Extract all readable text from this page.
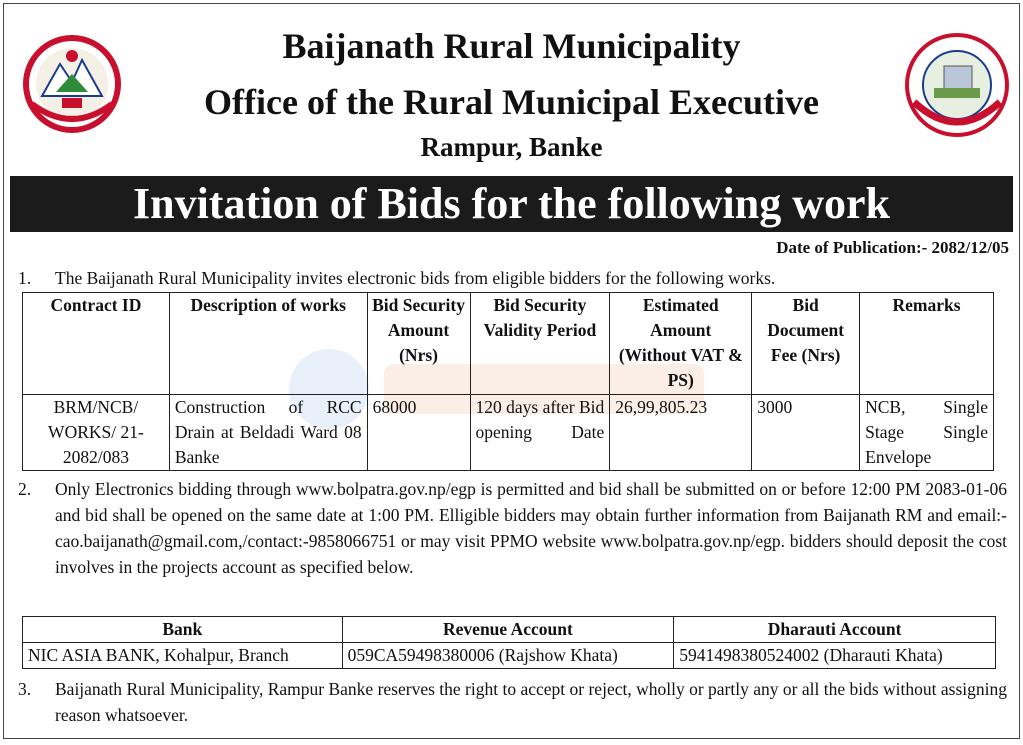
Baijanath Rural Municipality
Office of the Rural Municipal Executive
Rampur, Banke
Invitation of Bids for the following work
Date of Publication:- 2082/12/05
1. The Baijanath Rural Municipality invites electronic bids from eligible bidders for the following works.
Contract ID	Description of works	Bid Security Amount (Nrs)	Bid Security Validity Period	Estimated Amount (Without VAT & PS)	Bid Document Fee (Nrs)	Remarks
BRM/NCB/ WORKS/ 21-2082/083	Construction of RCC Drain at Beldadi Ward 08 Banke	68000	120 days after Bid opening Date	26,99,805.23	3000	NCB, Single Stage Single Envelope
2. Only Electronics bidding through www.bolpatra.gov.np/egp is permitted and bid shall be submitted on or before 12:00 PM 2083-01-06 and bid shall be opened on the same date at 1:00 PM. Elligible bidders may obtain further information from Baijanath RM and email:- cao.baijanath@gmail.com,/contact:-9858066751 or may visit PPMO website www.bolpatra.gov.np/egp. bidders should deposit the cost involves in the projects account as specified below.
Bank	Revenue Account	Dharauti Account
NIC ASIA BANK, Kohalpur, Branch	059CA59498380006 (Rajshow Khata)	5941498380524002 (Dharauti Khata)
3. Baijanath Rural Municipality, Rampur Banke reserves the right to accept or reject, wholly or partly any or all the bids without assigning reason whatsoever.
